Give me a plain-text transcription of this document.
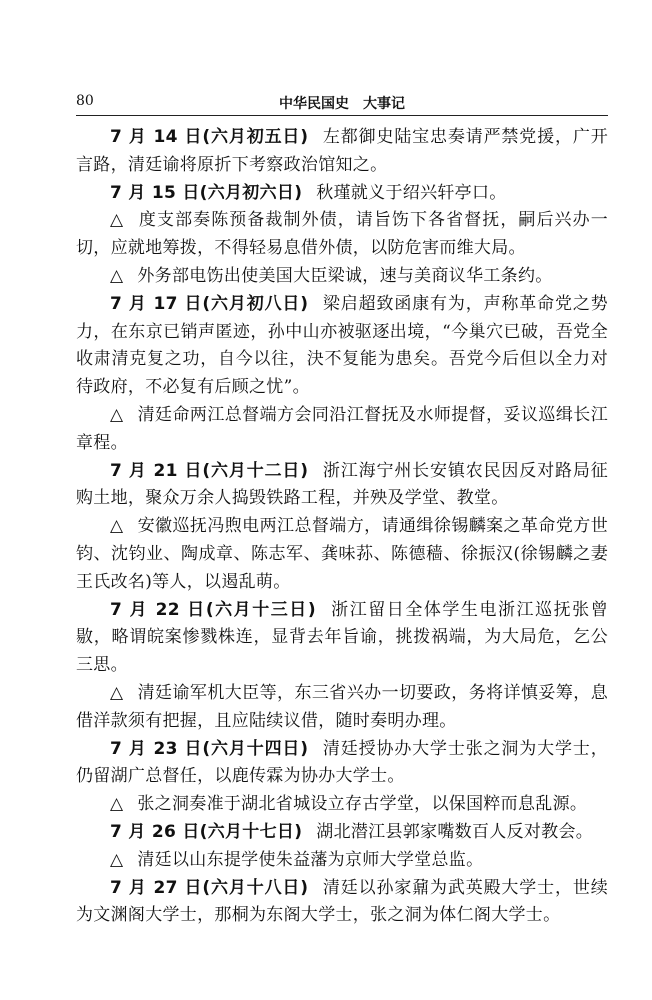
80	中华民国史　大事记

7 月 14 日(六月初五日) 左都御史陆宝忠奏请严禁党援，广开言路，清廷谕将原折下考察政治馆知之。

7 月 15 日(六月初六日) 秋瑾就义于绍兴轩亭口。

△ 度支部奏陈预备裁制外债，请旨饬下各省督抚，嗣后兴办一切，应就地筹拨，不得轻易息借外债，以防危害而维大局。

△ 外务部电饬出使美国大臣梁诚，速与美商议华工条约。

7 月 17 日(六月初八日) 梁启超致函康有为，声称革命党之势力，在东京已销声匿迹，孙中山亦被驱逐出境，“今巢穴已破，吾党全收肃清克复之功，自今以往，決不复能为患矣。吾党今后但以全力对待政府，不必复有后顾之忧”。

△ 清廷命两江总督端方会同沿江督抚及水师提督，妥议巡缉长江章程。

7 月 21 日(六月十二日) 浙江海宁州长安镇农民因反对路局征购土地，聚众万余人捣毁铁路工程，并殃及学堂、教堂。

△ 安徽巡抚冯煦电两江总督端方，请通缉徐锡麟案之革命党方世钧、沈钧业、陶成章、陈志军、龚味荪、陈德穑、徐振汉(徐锡麟之妻王氏改名)等人，以遏乱萌。

7 月 22 日(六月十三日) 浙江留日全体学生电浙江巡抚张曾敭，略谓皖案惨戮株连，显背去年旨谕，挑拨祸端，为大局危，乞公三思。

△ 清廷谕军机大臣等，东三省兴办一切要政，务将详慎妥筹，息借洋款须有把握，且应陆续议借，随时奏明办理。

7 月 23 日(六月十四日) 清廷授协办大学士张之洞为大学士，仍留湖广总督任，以鹿传霖为协办大学士。

△ 张之洞奏准于湖北省城设立存古学堂，以保国粹而息乱源。

7 月 26 日(六月十七日) 湖北潜江县郭家嘴数百人反对教会。

△ 清廷以山东提学使朱益藩为京师大学堂总监。

7 月 27 日(六月十八日) 清廷以孙家鼐为武英殿大学士，世续为文渊阁大学士，那桐为东阁大学士，张之洞为体仁阁大学士。
